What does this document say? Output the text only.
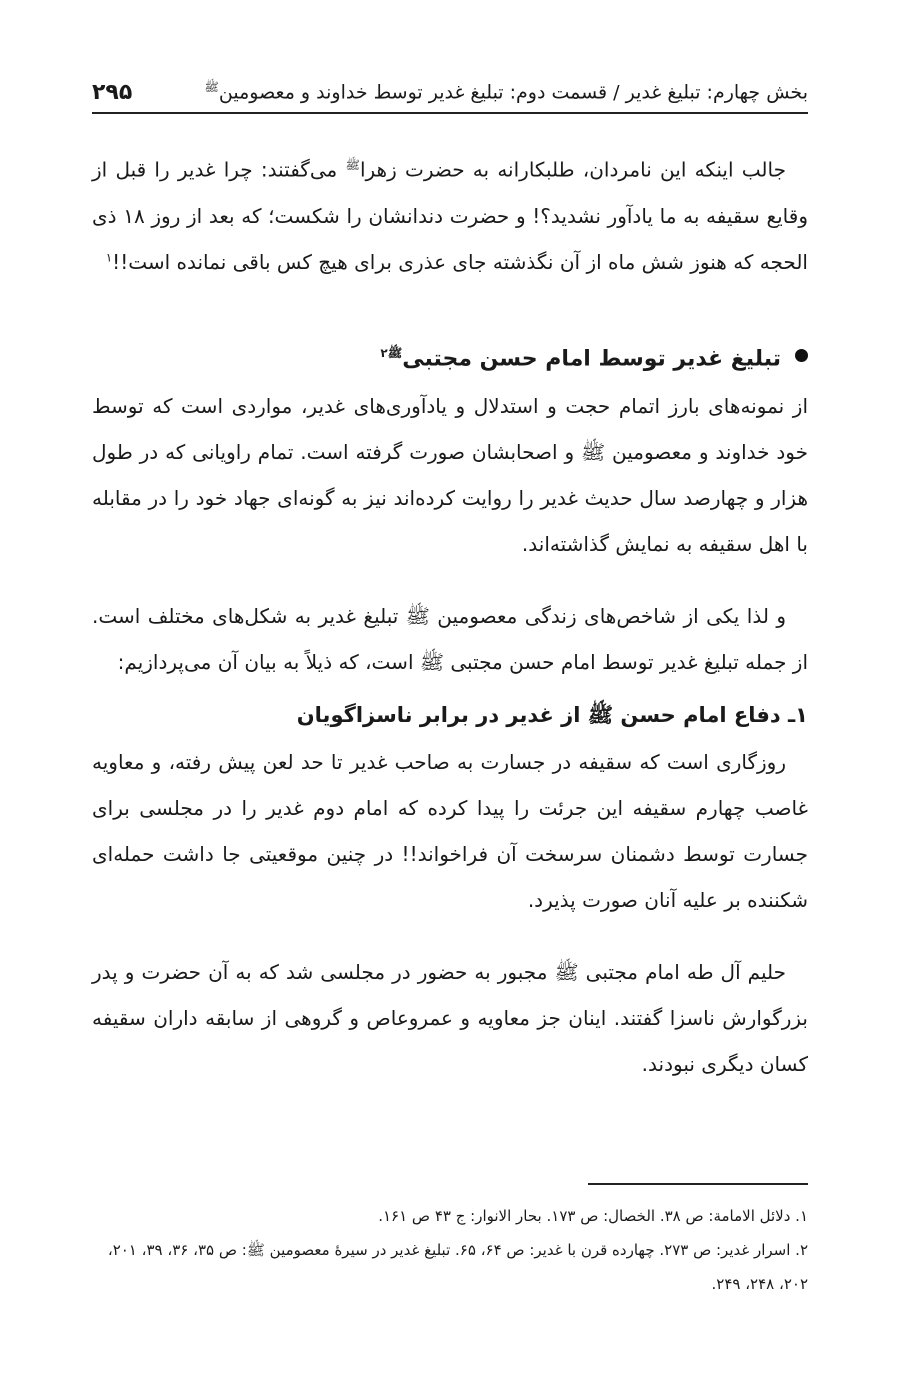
بخش چهارم: تبلیغ غدیر / قسمت دوم: تبلیغ غدیر توسط خداوند و معصومین$^ﷺ$
۲۹۵

جالب اینکه این نامردان، طلبکارانه به حضرت زهرا$^ﷺ$ می‌گفتند: چرا غدیر را قبل از وقایع سقیفه به ما یادآور نشدید؟! و حضرت دندانشان را شکست؛ که بعد از روز ۱۸ ذی الحجه که هنوز شش ماه از آن نگذشته جای عذری برای هیچ کس باقی نمانده است!!$^۱$

تبلیغ غدیر توسط امام حسن مجتبی$^{ﷺ۲}$

از نمونه‌های بارز اتمام حجت و استدلال و یادآوری‌های غدیر، مواردی است که توسط خود خداوند و معصومین ﷺ و اصحابشان صورت گرفته است. تمام راویانی که در طول هزار و چهارصد سال حدیث غدیر را روایت کرده‌اند نیز به گونه‌ای جهاد خود را در مقابله با اهل سقیفه به نمایش گذاشته‌اند.

و لذا یکی از شاخص‌های زندگی معصومین ﷺ تبلیغ غدیر به شکل‌های مختلف است. از جمله تبلیغ غدیر توسط امام حسن مجتبی ﷺ است، که ذیلاً به بیان آن می‌پردازیم:

۱ـ دفاع امام حسن ﷺ از غدیر در برابر ناسزاگویان

روزگاری است که سقیفه در جسارت به صاحب غدیر تا حد لعن پیش رفته، و معاویه غاصب چهارم سقیفه این جرئت را پیدا کرده که امام دوم غدیر را در مجلسی برای جسارت توسط دشمنان سرسخت آن فراخواند!! در چنین موقعیتی جا داشت حمله‌ای شکننده بر علیه آنان صورت پذیرد.

حلیم آل طه امام مجتبی ﷺ مجبور به حضور در مجلسی شد که به آن حضرت و پدر بزرگوارش ناسزا گفتند. اینان جز معاویه و عمروعاص و گروهی از سابقه داران سقیفه کسان دیگری نبودند.

۱. دلائل الامامة: ص ۳۸. الخصال: ص ۱۷۳. بحار الانوار: ج ۴۳ ص ۱۶۱.

۲. اسرار غدیر: ص ۲۷۳. چهارده قرن با غدیر: ص ۶۴، ۶۵. تبلیغ غدیر در سیرهٔ معصومین ﷺ: ص ۳۵، ۳۶، ۳۹، ۲۰۱، ۲۰۲، ۲۴۸، ۲۴۹.
